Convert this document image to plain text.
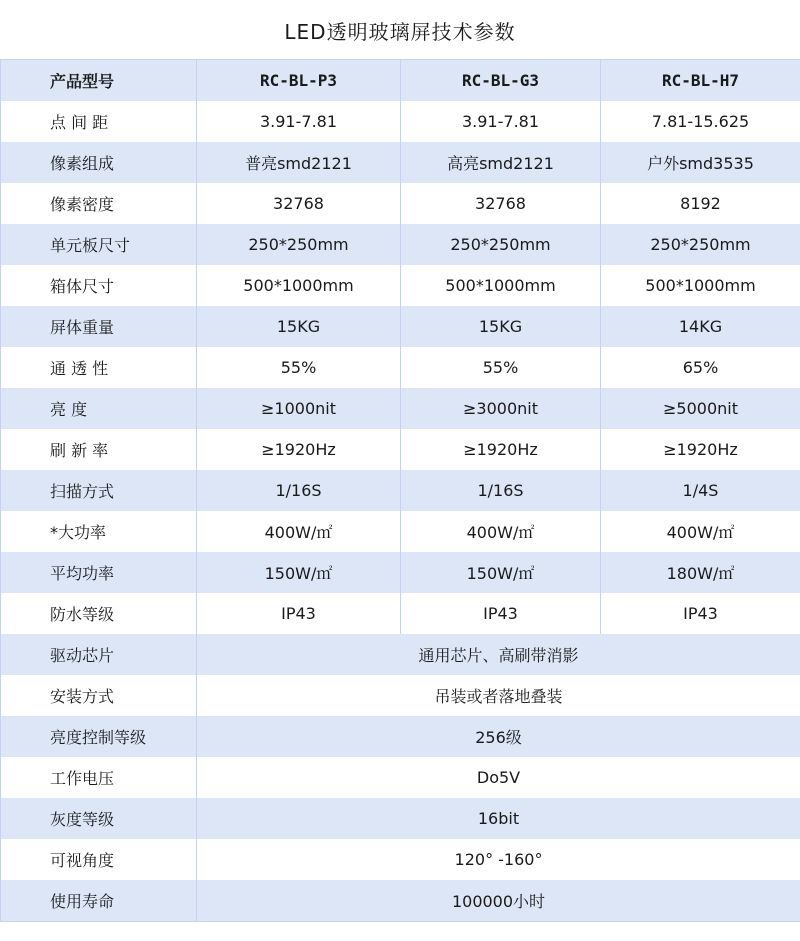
LED透明玻璃屏技术参数
产品型号	RC-BL-P3	RC-BL-G3	RC-BL-H7
点 间 距	3.91-7.81	3.91-7.81	7.81-15.625
像素组成	普亮smd2121	高亮smd2121	户外smd3535
像素密度	32768	32768	8192
单元板尺寸	250*250mm	250*250mm	250*250mm
箱体尺寸	500*1000mm	500*1000mm	500*1000mm
屏体重量	15KG	15KG	14KG
通 透 性	55%	55%	65%
亮 度	≥1000nit	≥3000nit	≥5000nit
刷 新 率	≥1920Hz	≥1920Hz	≥1920Hz
扫描方式	1/16S	1/16S	1/4S
*大功率	400W/㎡	400W/㎡	400W/㎡
平均功率	150W/㎡	150W/㎡	180W/㎡
防水等级	IP43	IP43	IP43
驱动芯片	通用芯片、高刷带消影		
安装方式	吊装或者落地叠装		
亮度控制等级	256级		
工作电压	Do5V		
灰度等级	16bit		
可视角度	120° -160°		
使用寿命	100000小时		
